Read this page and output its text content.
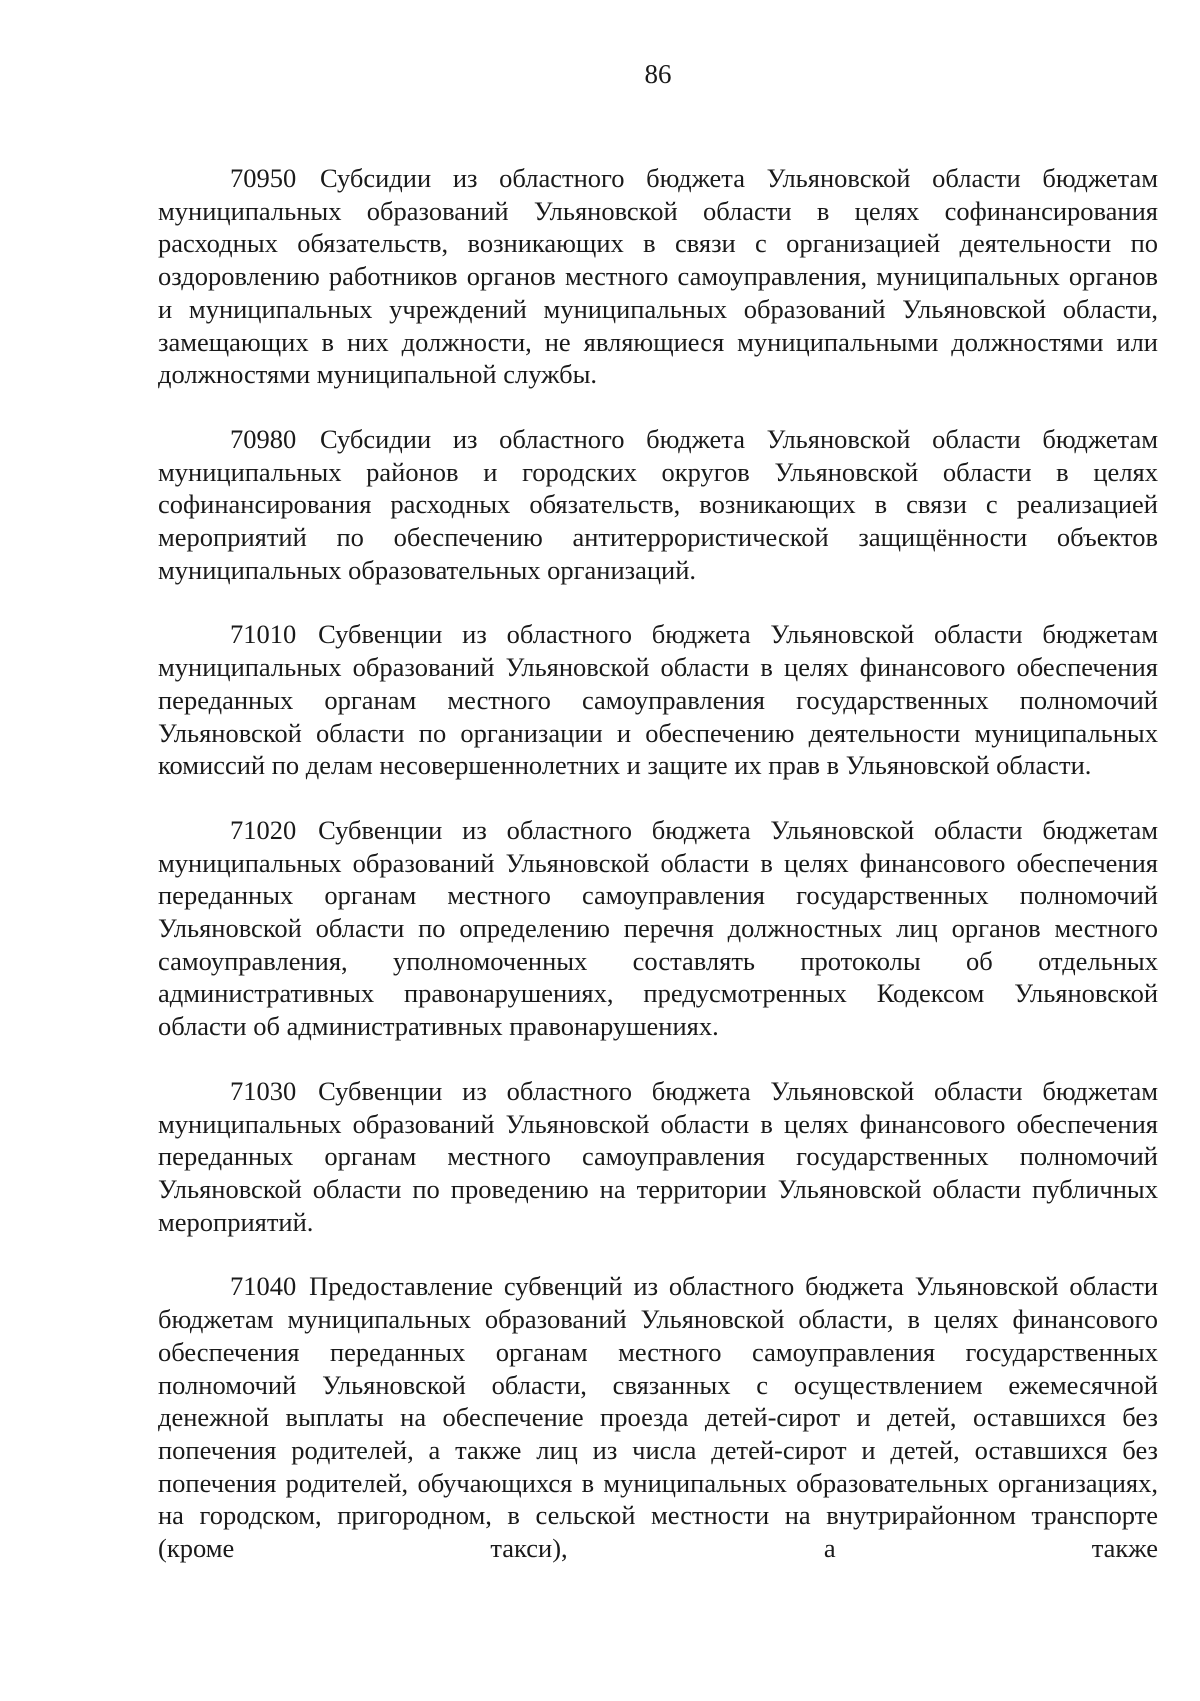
86

70950 Субсидии из областного бюджета Ульяновской области бюджетам муниципальных образований Ульяновской области в целях софинансирования расходных обязательств, возникающих в связи с организацией деятельности по оздоровлению работников органов местного самоуправления, муниципальных органов и муниципальных учреждений муниципальных образований Ульяновской области, замещающих в них должности, не являющиеся муниципальными должностями или должностями муниципальной службы.

70980 Субсидии из областного бюджета Ульяновской области бюджетам муниципальных районов и городских округов Ульяновской области в целях софинансирования расходных обязательств, возникающих в связи с реализацией мероприятий по обеспечению антитеррористической защищённости объектов муниципальных образовательных организаций.

71010 Субвенции из областного бюджета Ульяновской области бюджетам муниципальных образований Ульяновской области в целях финансового обеспечения переданных органам местного самоуправления государственных полномочий Ульяновской области по организации и обеспечению деятельности муниципальных комиссий по делам несовершеннолетних и защите их прав в Ульяновской области.

71020 Субвенции из областного бюджета Ульяновской области бюджетам муниципальных образований Ульяновской области в целях финансового обеспечения переданных органам местного самоуправления государственных полномочий Ульяновской области по определению перечня должностных лиц органов местного самоуправления, уполномоченных составлять протоколы об отдельных административных правонарушениях, предусмотренных Кодексом Ульяновской области об административных правонарушениях.

71030 Субвенции из областного бюджета Ульяновской области бюджетам муниципальных образований Ульяновской области в целях финансового обеспечения переданных органам местного самоуправления государственных полномочий Ульяновской области по проведению на территории Ульяновской области публичных мероприятий.

71040 Предоставление субвенций из областного бюджета Ульяновской области бюджетам муниципальных образований Ульяновской области, в целях финансового обеспечения переданных органам местного самоуправления государственных полномочий Ульяновской области, связанных с осуществлением ежемесячной денежной выплаты на обеспечение проезда детей-сирот и детей, оставшихся без попечения родителей, а также лиц из числа детей-сирот и детей, оставшихся без попечения родителей, обучающихся в муниципальных образовательных организациях, на городском, пригородном, в сельской местности на внутрирайонном транспорте (кроме такси), а также
